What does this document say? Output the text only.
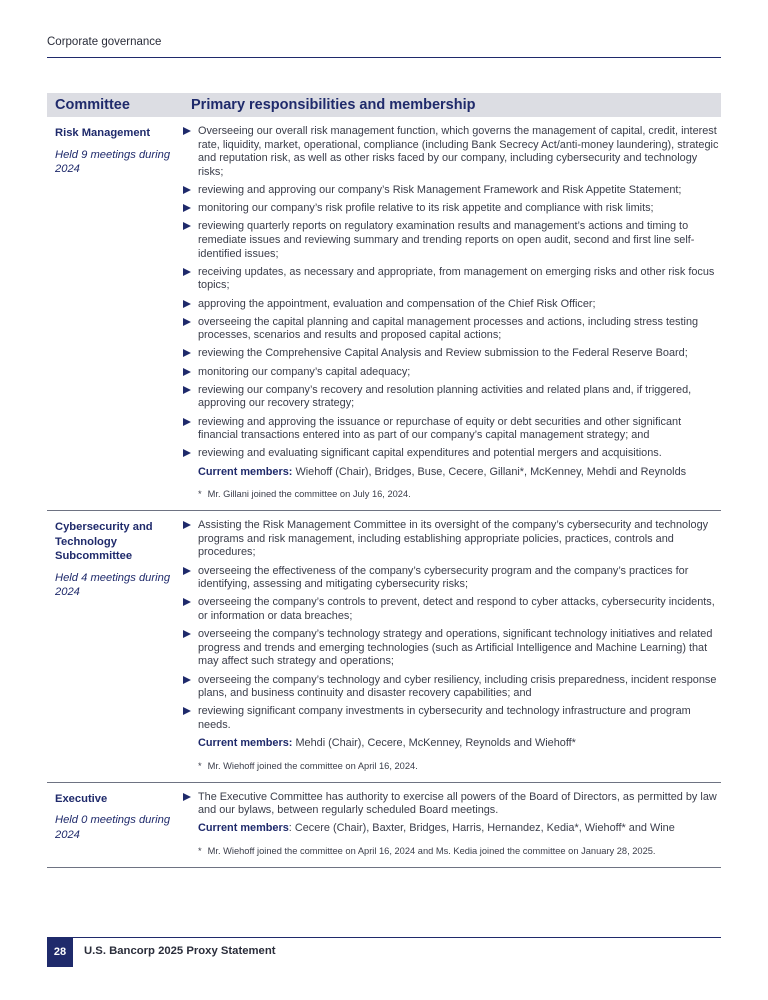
Corporate governance
Committee	Primary responsibilities and membership
Risk Management
Held 9 meetings during 2024
Overseeing our overall risk management function, which governs the management of capital, credit, interest rate, liquidity, market, operational, compliance (including Bank Secrecy Act/anti-money laundering), strategic and reputation risk, as well as other risks faced by our company, including cybersecurity and technology risks;
reviewing and approving our company’s Risk Management Framework and Risk Appetite Statement;
monitoring our company’s risk profile relative to its risk appetite and compliance with risk limits;
reviewing quarterly reports on regulatory examination results and management’s actions and timing to remediate issues and reviewing summary and trending reports on open audit, second and first line self-identified issues;
receiving updates, as necessary and appropriate, from management on emerging risks and other risk focus topics;
approving the appointment, evaluation and compensation of the Chief Risk Officer;
overseeing the capital planning and capital management processes and actions, including stress testing processes, scenarios and results and proposed capital actions;
reviewing the Comprehensive Capital Analysis and Review submission to the Federal Reserve Board;
monitoring our company’s capital adequacy;
reviewing our company’s recovery and resolution planning activities and related plans and, if triggered, approving our recovery strategy;
reviewing and approving the issuance or repurchase of equity or debt securities and other significant financial transactions entered into as part of our company’s capital management strategy; and
reviewing and evaluating significant capital expenditures and potential mergers and acquisitions.
Current members: Wiehoff (Chair), Bridges, Buse, Cecere, Gillani*, McKenney, Mehdi and Reynolds
* Mr. Gillani joined the committee on July 16, 2024.
Cybersecurity and Technology Subcommittee
Held 4 meetings during 2024
Assisting the Risk Management Committee in its oversight of the company’s cybersecurity and technology programs and risk management, including establishing appropriate policies, practices, controls and procedures;
overseeing the effectiveness of the company’s cybersecurity program and the company’s practices for identifying, assessing and mitigating cybersecurity risks;
overseeing the company’s controls to prevent, detect and respond to cyber attacks, cybersecurity incidents, or information or data breaches;
overseeing the company’s technology strategy and operations, significant technology initiatives and related progress and trends and emerging technologies (such as Artificial Intelligence and Machine Learning) that may affect such strategy and operations;
overseeing the company’s technology and cyber resiliency, including crisis preparedness, incident response plans, and business continuity and disaster recovery capabilities; and
reviewing significant company investments in cybersecurity and technology infrastructure and program needs.
Current members: Mehdi (Chair), Cecere, McKenney, Reynolds and Wiehoff*
* Mr. Wiehoff joined the committee on April 16, 2024.
Executive
Held 0 meetings during 2024
The Executive Committee has authority to exercise all powers of the Board of Directors, as permitted by law and our bylaws, between regularly scheduled Board meetings.
Current members: Cecere (Chair), Baxter, Bridges, Harris, Hernandez, Kedia*, Wiehoff* and Wine
* Mr. Wiehoff joined the committee on April 16, 2024 and Ms. Kedia joined the committee on January 28, 2025.
28	U.S. Bancorp 2025 Proxy Statement
